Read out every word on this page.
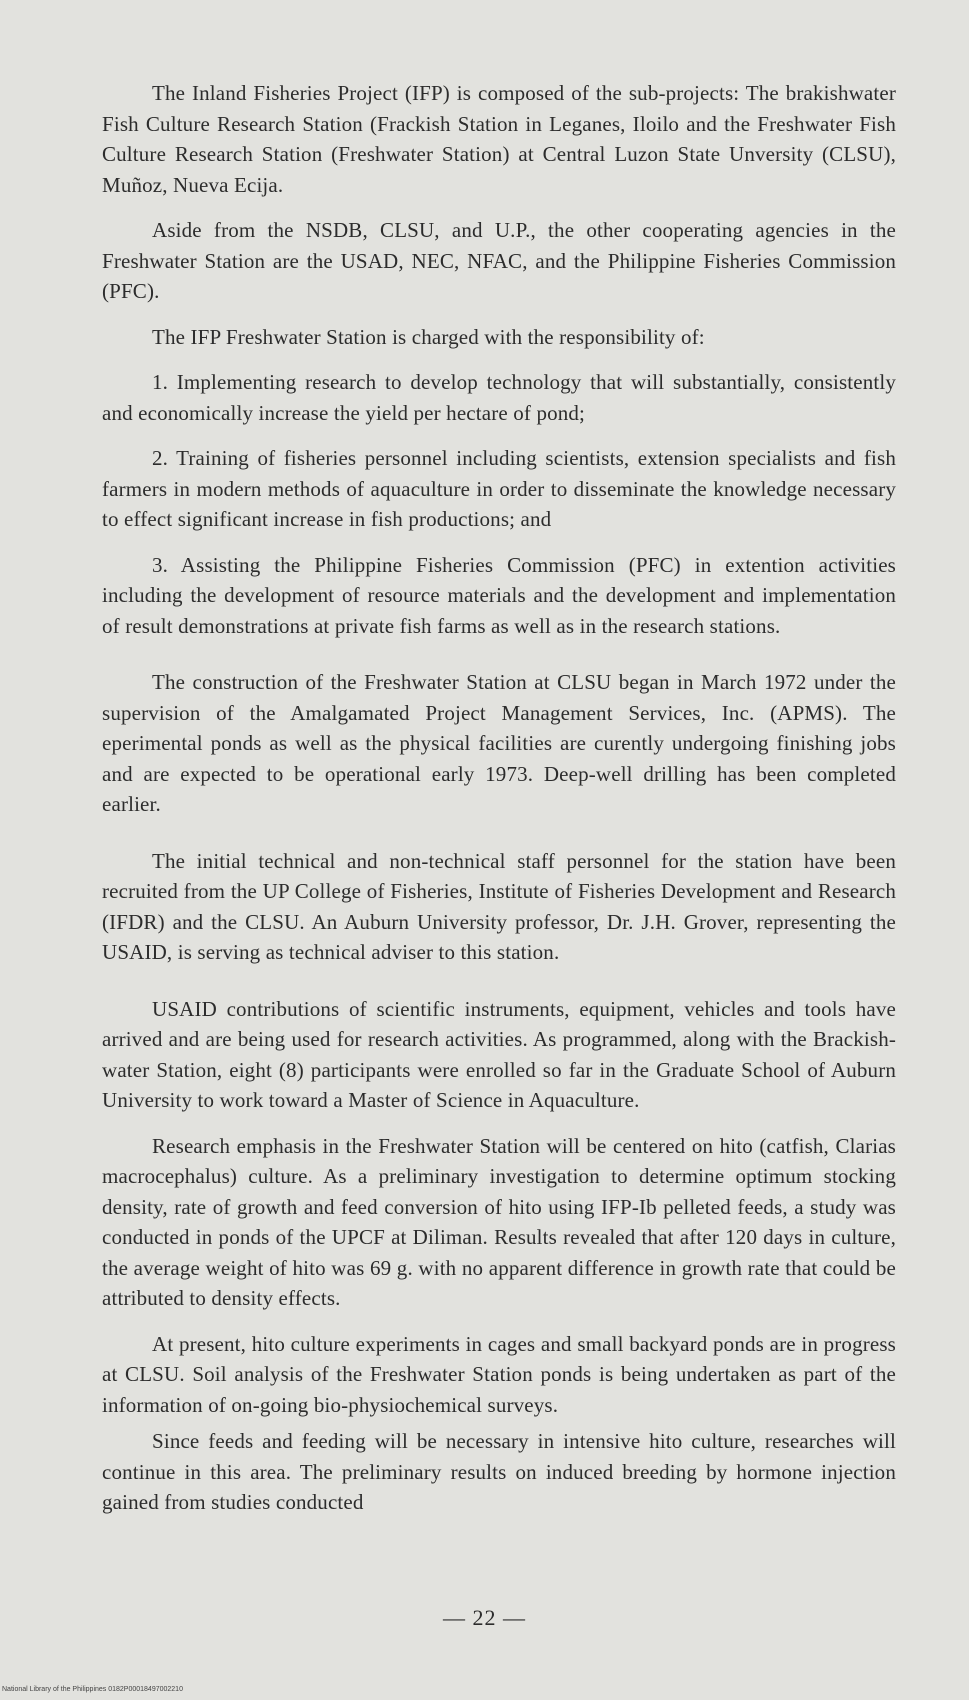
The Inland Fisheries Project (IFP) is composed of the sub-projects: The brakishwater Fish Culture Research Station (Frackish Station in Leganes, Iloilo and the Freshwater Fish Culture Research Station (Freshwater Station) at Central Luzon State Unversity (CLSU), Muñoz, Nueva Ecija.

Aside from the NSDB, CLSU, and U.P., the other cooperating agencies in the Freshwater Station are the USAD, NEC, NFAC, and the Philippine Fisheries Commission (PFC).

The IFP Freshwater Station is charged with the responsibility of:

1. Implementing research to develop technology that will substantially, consistently and economically increase the yield per hectare of pond;

2. Training of fisheries personnel including scientists, extension specialists and fish farmers in modern methods of aquaculture in order to disseminate the knowledge necessary to effect significant increase in fish productions; and

3. Assisting the Philippine Fisheries Commission (PFC) in extention activities including the development of resource materials and the development and implementation of result demonstrations at private fish farms as well as in the research stations.

The construction of the Freshwater Station at CLSU began in March 1972 under the supervision of the Amalgamated Project Management Services, Inc. (APMS). The eperimental ponds as well as the physical facilities are curently undergoing finishing jobs and are expected to be operational early 1973. Deep-well drilling has been completed earlier.

The initial technical and non-technical staff personnel for the station have been recruited from the UP College of Fisheries, Institute of Fisheries Development and Research (IFDR) and the CLSU. An Auburn University professor, Dr. J.H. Grover, representing the USAID, is serving as technical adviser to this station.

USAID contributions of scientific instruments, equipment, vehicles and tools have arrived and are being used for research activities. As programmed, along with the Brackish-water Station, eight (8) participants were enrolled so far in the Graduate School of Auburn University to work toward a Master of Science in Aquaculture.

Research emphasis in the Freshwater Station will be centered on hito (catfish, Clarias macrocephalus) culture. As a preliminary investigation to determine optimum stocking density, rate of growth and feed conversion of hito using IFP-Ib pelleted feeds, a study was conducted in ponds of the UPCF at Diliman. Results revealed that after 120 days in culture, the average weight of hito was 69 g. with no apparent difference in growth rate that could be attributed to density effects.

At present, hito culture experiments in cages and small backyard ponds are in progress at CLSU. Soil analysis of the Freshwater Station ponds is being undertaken as part of the information of on-going bio-physiochemical surveys.

Since feeds and feeding will be necessary in intensive hito culture, researches will continue in this area. The preliminary results on induced breeding by hormone injection gained from studies conducted

— 22 —
National Library of the Philippines 0182P00018497002210
